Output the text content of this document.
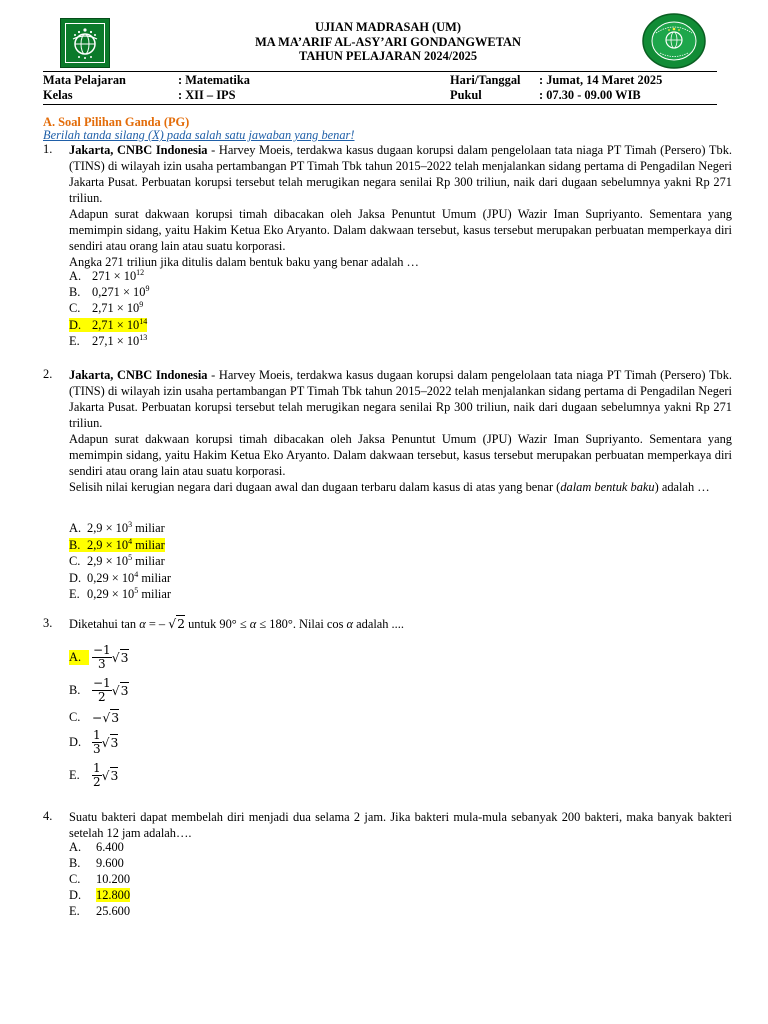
UJIAN MADRASAH (UM)
MA MA’ARIF AL-ASY’ARI GONDANGWETAN
TAHUN PELAJARAN 2024/2025
Mata Pelajaran	: Matematika	Hari/Tanggal : Jumat, 14 Maret 2025
Kelas	: XII – IPS	Pukul	: 07.30 - 09.00 WIB
A. Soal Pilihan Ganda (PG)
Berilah tanda silang (X) pada salah satu jawaban yang benar!
1. Jakarta, CNBC Indonesia - Harvey Moeis, terdakwa kasus dugaan korupsi dalam pengelolaan tata niaga PT Timah (Persero) Tbk. (TINS) di wilayah izin usaha pertambangan PT Timah Tbk tahun 2015–2022 telah menjalankan sidang pertama di Pengadilan Negeri Jakarta Pusat. Perbuatan korupsi tersebut telah merugikan negara senilai Rp 300 triliun, naik dari dugaan sebelumnya yakni Rp 271 triliun.
Adapun surat dakwaan korupsi timah dibacakan oleh Jaksa Penuntut Umum (JPU) Wazir Iman Supriyanto. Sementara yang memimpin sidang, yaitu Hakim Ketua Eko Aryanto. Dalam dakwaan tersebut, kasus tersebut merupakan perbuatan memperkaya diri sendiri atau orang lain atau suatu korporasi.
Angka 271 triliun jika ditulis dalam bentuk baku yang benar adalah …
A. $271 \times 10^{12}$
B. $0,271 \times 10^9$
C. $2,71 \times 10^9$
D. $2,71 \times 10^{14}$
E. $27,1 \times 10^{13}$
2. Jakarta, CNBC Indonesia - Harvey Moeis, terdakwa kasus dugaan korupsi dalam pengelolaan tata niaga PT Timah (Persero) Tbk. (TINS) di wilayah izin usaha pertambangan PT Timah Tbk tahun 2015–2022 telah menjalankan sidang pertama di Pengadilan Negeri Jakarta Pusat. Perbuatan korupsi tersebut telah merugikan negara senilai Rp 300 triliun, naik dari dugaan sebelumnya yakni Rp 271 triliun.
Adapun surat dakwaan korupsi timah dibacakan oleh Jaksa Penuntut Umum (JPU) Wazir Iman Supriyanto. Sementara yang memimpin sidang, yaitu Hakim Ketua Eko Aryanto. Dalam dakwaan tersebut, kasus tersebut merupakan perbuatan memperkaya diri sendiri atau orang lain atau suatu korporasi.
Selisih nilai kerugian negara dari dugaan awal dan dugaan terbaru dalam kasus di atas yang benar (dalam bentuk baku) adalah …
A. $2,9 \times 10^3$ miliar
B. $2,9 \times 10^4$ miliar
C. $2,9 \times 10^5$ miliar
D. $0,29 \times 10^4$ miliar
E. $0,29 \times 10^5$ miliar
3. Diketahui tan α = – √2 untuk 90° ≤ α ≤ 180°. Nilai cos α adalah ....
A. $\frac{-1}{3} √3$
B. $\frac{-1}{2} √3$
C. −√3
D. $\frac{1}{3} √3$
E.	$\frac{1}{2} √3$
4. Suatu bakteri dapat membelah diri menjadi dua selama 2 jam. Jika bakteri mula-mula sebanyak 200 bakteri, maka banyak bakteri setelah 12 jam adalah….
A. 6.400
B. 9.600
C. 10.200
D. 12.800
E. 25.600
